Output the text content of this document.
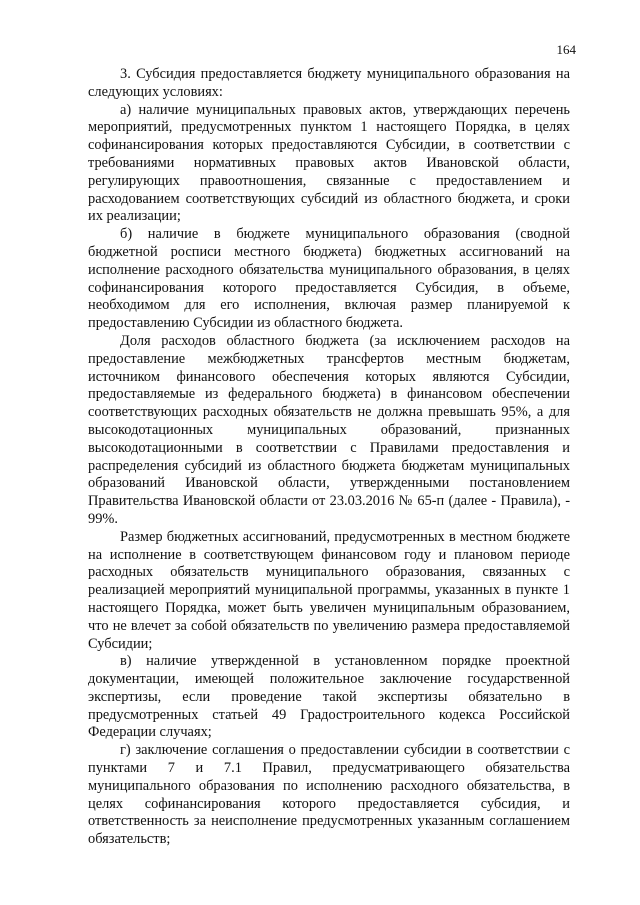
164

3. Субсидия предоставляется бюджету муниципального образования на следующих условиях:

а) наличие муниципальных правовых актов, утверждающих перечень мероприятий, предусмотренных пунктом 1 настоящего Порядка, в целях софинансирования которых предоставляются Субсидии, в соответствии с требованиями нормативных правовых актов Ивановской области, регулирующих правоотношения, связанные с предоставлением и расходованием соответствующих субсидий из областного бюджета, и сроки их реализации;

б) наличие в бюджете муниципального образования (сводной бюджетной росписи местного бюджета) бюджетных ассигнований на исполнение расходного обязательства муниципального образования, в целях софинансирования которого предоставляется Субсидия, в объеме, необходимом для его исполнения, включая размер планируемой к предоставлению Субсидии из областного бюджета.

Доля расходов областного бюджета (за исключением расходов на предоставление межбюджетных трансфертов местным бюджетам, источником финансового обеспечения которых являются Субсидии, предоставляемые из федерального бюджета) в финансовом обеспечении соответствующих расходных обязательств не должна превышать 95%, а для высокодотационных муниципальных образований, признанных высокодотационными в соответствии с Правилами предоставления и распределения субсидий из областного бюджета бюджетам муниципальных образований Ивановской области, утвержденными постановлением Правительства Ивановской области от 23.03.2016 № 65-п (далее - Правила), - 99%.

Размер бюджетных ассигнований, предусмотренных в местном бюджете на исполнение в соответствующем финансовом году и плановом периоде расходных обязательств муниципального образования, связанных с реализацией мероприятий муниципальной программы, указанных в пункте 1 настоящего Порядка, может быть увеличен муниципальным образованием, что не влечет за собой обязательств по увеличению размера предоставляемой Субсидии;

в) наличие утвержденной в установленном порядке проектной документации, имеющей положительное заключение государственной экспертизы, если проведение такой экспертизы обязательно в предусмотренных статьей 49 Градостроительного кодекса Российской Федерации случаях;

г) заключение соглашения о предоставлении субсидии в соответствии с пунктами 7 и 7.1 Правил, предусматривающего обязательства муниципального образования по исполнению расходного обязательства, в целях софинансирования которого предоставляется субсидия, и ответственность за неисполнение предусмотренных указанным соглашением обязательств;
